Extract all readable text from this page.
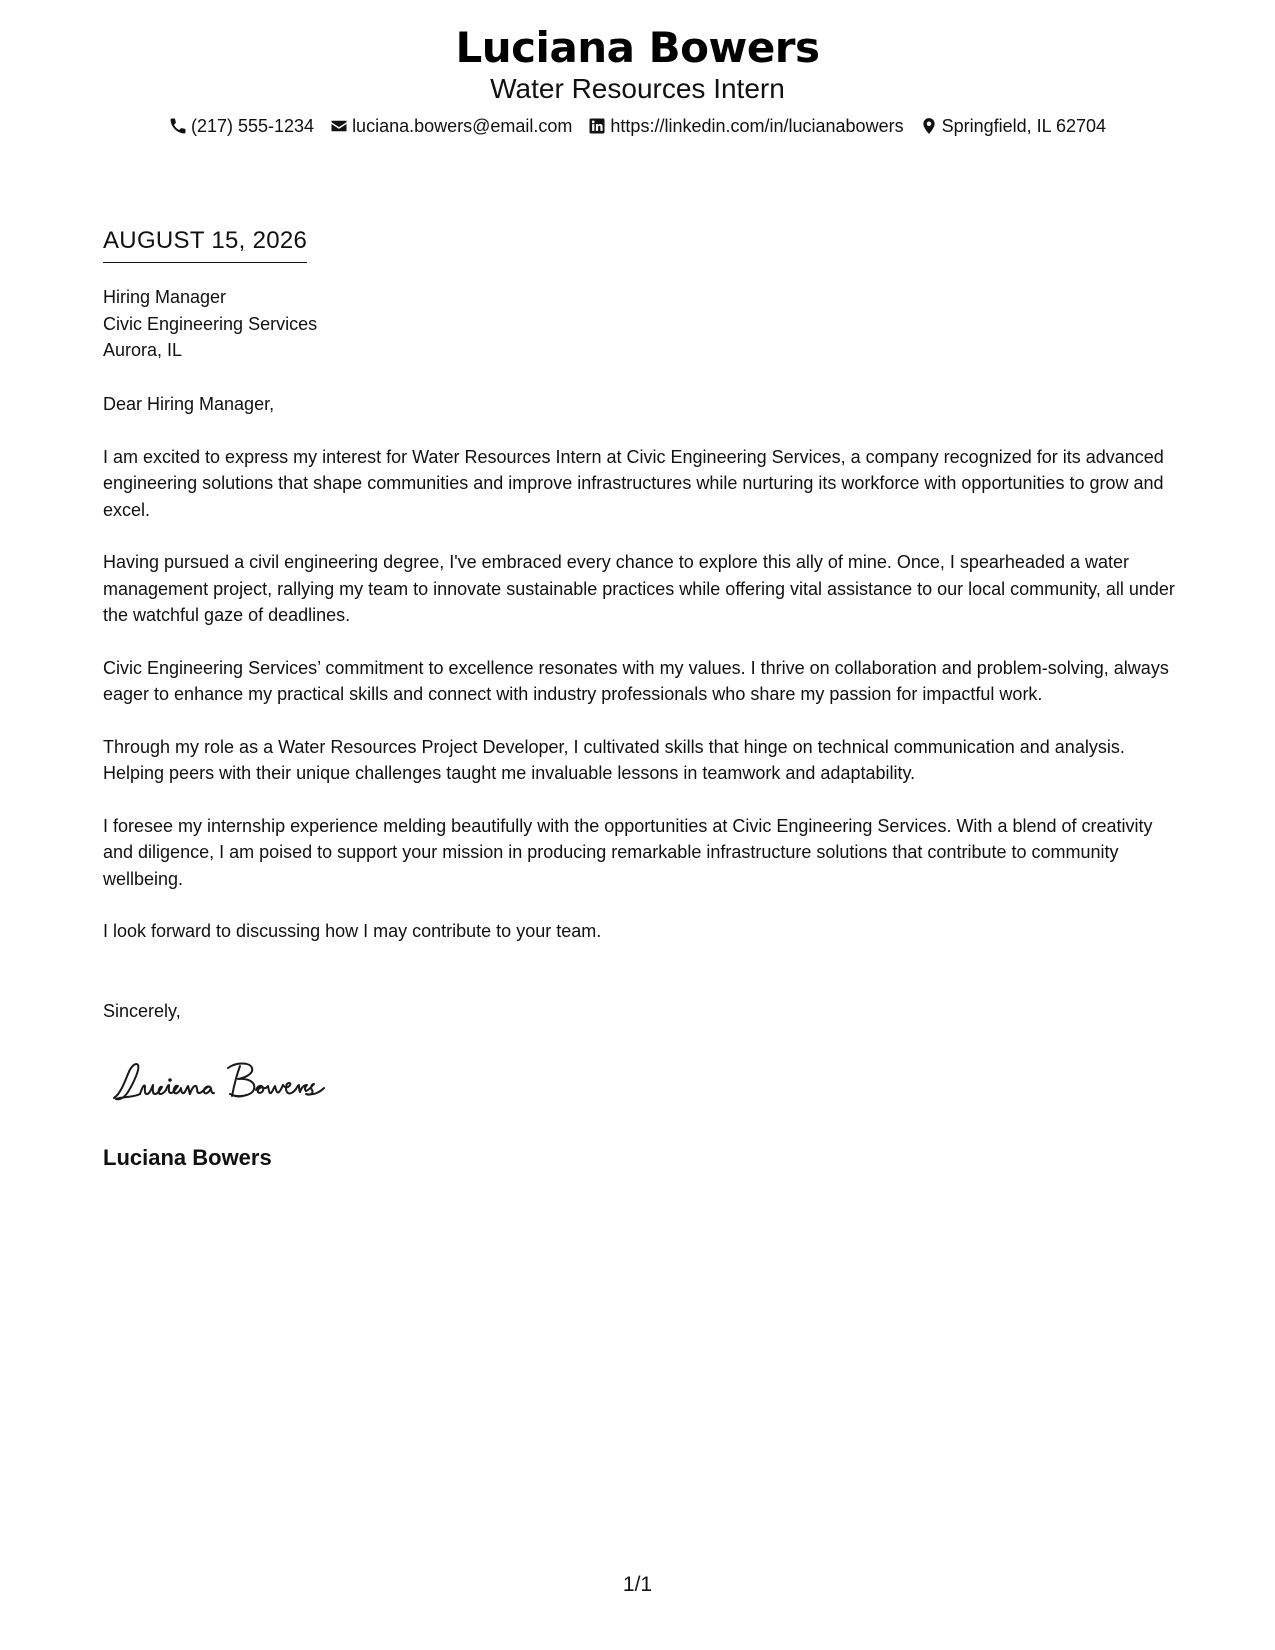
Luciana Bowers
Water Resources Intern
(217) 555-1234 luciana.bowers@email.com https://linkedin.com/in/lucianabowers Springfield, IL 62704
AUGUST 15, 2026
Hiring Manager
Civic Engineering Services
Aurora, IL

Dear Hiring Manager,

I am excited to express my interest for Water Resources Intern at Civic Engineering Services, a company recognized for its advanced engineering solutions that shape communities and improve infrastructures while nurturing its workforce with opportunities to grow and excel.

Having pursued a civil engineering degree, I've embraced every chance to explore this ally of mine. Once, I spearheaded a water management project, rallying my team to innovate sustainable practices while offering vital assistance to our local community, all under the watchful gaze of deadlines.

Civic Engineering Services’ commitment to excellence resonates with my values. I thrive on collaboration and problem-solving, always eager to enhance my practical skills and connect with industry professionals who share my passion for impactful work.

Through my role as a Water Resources Project Developer, I cultivated skills that hinge on technical communication and analysis. Helping peers with their unique challenges taught me invaluable lessons in teamwork and adaptability.

I foresee my internship experience melding beautifully with the opportunities at Civic Engineering Services. With a blend of creativity and diligence, I am poised to support your mission in producing remarkable infrastructure solutions that contribute to community wellbeing.

I look forward to discussing how I may contribute to your team.

Sincerely,
Luciana Bowers
1/1
